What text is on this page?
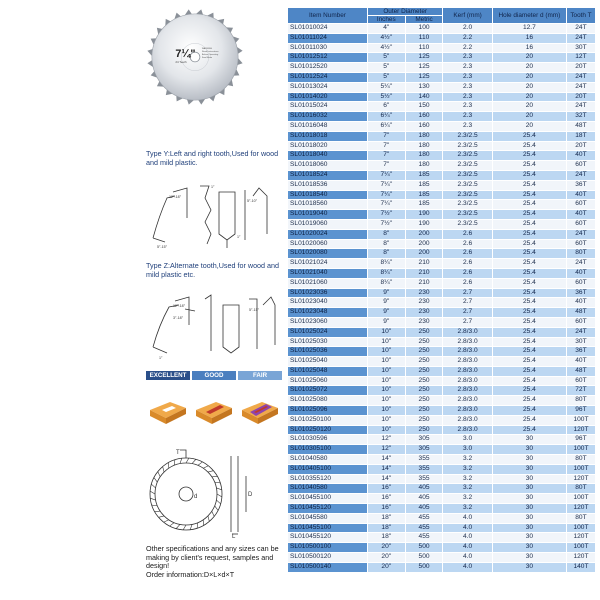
7¼"
24 Teeth
WARNING
Read Instructions
Before Operating
Saw Blade
Type Y:Left and right tooth,Used for wood and mild plastic.
12°-18°
5°-15°
5°-10°
1°
1°
Type Z:Alternate tooth,Used for wood and mild plastic etc.
12°-18°
3°-18°
5°-15°
1°
EXCELLENT	GOOD	FAIR
T
D
d
L
Other specifications and any sizes can be making by client's request, samples and design!
Order information:D×L×d×T
Item Number	Outer Diameter		Kerf (mm)	Hole diameter d (mm)	Tooth T
	Inches	Metric			
SL01010024	4"	100	2.0	12.7	24T
SL01011024	4½"	110	2.2	16	24T
SL01011030	4½"	110	2.2	16	30T
SL01012512	5"	125	2.3	20	12T
SL01012520	5"	125	2.3	20	20T
SL01012524	5"	125	2.3	20	24T
SL01013024	5¼"	130	2.3	20	24T
SL01014020	5½"	140	2.3	20	20T
SL01015024	6"	150	2.3	20	24T
SL01016032	6¼"	160	2.3	20	32T
SL01016048	6¼"	160	2.3	20	48T
SL01018018	7"	180	2.3/2.5	25.4	18T
SL01018020	7"	180	2.3/2.5	25.4	20T
SL01018040	7"	180	2.3/2.5	25.4	40T
SL01018060	7"	180	2.3/2.5	25.4	60T
SL01018524	7¼"	185	2.3/2.5	25.4	24T
SL01018536	7¼"	185	2.3/2.5	25.4	36T
SL01018540	7¼"	185	2.3/2.5	25.4	40T
SL01018560	7¼"	185	2.3/2.5	25.4	60T
SL01019040	7½"	190	2.3/2.5	25.4	40T
SL01019060	7½"	190	2.3/2.5	25.4	60T
SL01020024	8"	200	2.6	25.4	24T
SL01020060	8"	200	2.6	25.4	60T
SL01020080	8"	200	2.6	25.4	80T
SL01021024	8¼"	210	2.6	25.4	24T
SL01021040	8¼"	210	2.6	25.4	40T
SL01021060	8¼"	210	2.6	25.4	60T
SL01023036	9"	230	2.7	25.4	36T
SL01023040	9"	230	2.7	25.4	40T
SL01023048	9"	230	2.7	25.4	48T
SL01023060	9"	230	2.7	25.4	60T
SL01025024	10"	250	2.8/3.0	25.4	24T
SL01025030	10"	250	2.8/3.0	25.4	30T
SL01025036	10"	250	2.8/3.0	25.4	36T
SL01025040	10"	250	2.8/3.0	25.4	40T
SL01025048	10"	250	2.8/3.0	25.4	48T
SL01025060	10"	250	2.8/3.0	25.4	60T
SL01025072	10"	250	2.8/3.0	25.4	72T
SL01025080	10"	250	2.8/3.0	25.4	80T
SL01025096	10"	250	2.8/3.0	25.4	96T
SL010250100	10"	250	2.8/3.0	25.4	100T
SL010250120	10"	250	2.8/3.0	25.4	120T
SL01030596	12"	305	3.0	30	96T
SL010305100	12"	305	3.0	30	100T
SL01040580	14"	355	3.2	30	80T
SL010405100	14"	355	3.2	30	100T
SL010355120	14"	355	3.2	30	120T
SL01040580	16"	405	3.2	30	80T
SL010455100	16"	405	3.2	30	100T
SL010455120	16"	405	3.2	30	120T
SL01045580	18"	455	4.0	30	80T
SL010455100	18"	455	4.0	30	100T
SL010455120	18"	455	4.0	30	120T
SL010500100	20"	500	4.0	30	100T
SL010500120	20"	500	4.0	30	120T
SL010500140	20"	500	4.0	30	140T
